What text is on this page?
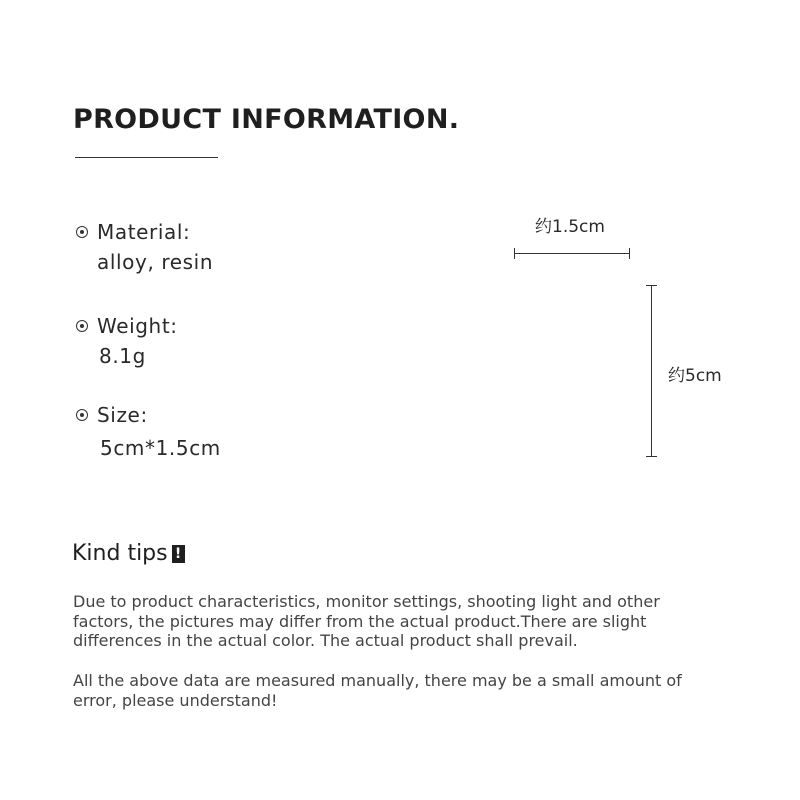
PRODUCT INFORMATION.
Material:
alloy, resin
Weight:
8.1g
Size:
5cm*1.5cm
约1.5cm
约5cm
Kind tips !

Due to product characteristics, monitor settings, shooting light and other factors, the pictures may differ from the actual product.There are slight differences in the actual color. The actual product shall prevail.

All the above data are measured manually, there may be a small amount of error, please understand!
